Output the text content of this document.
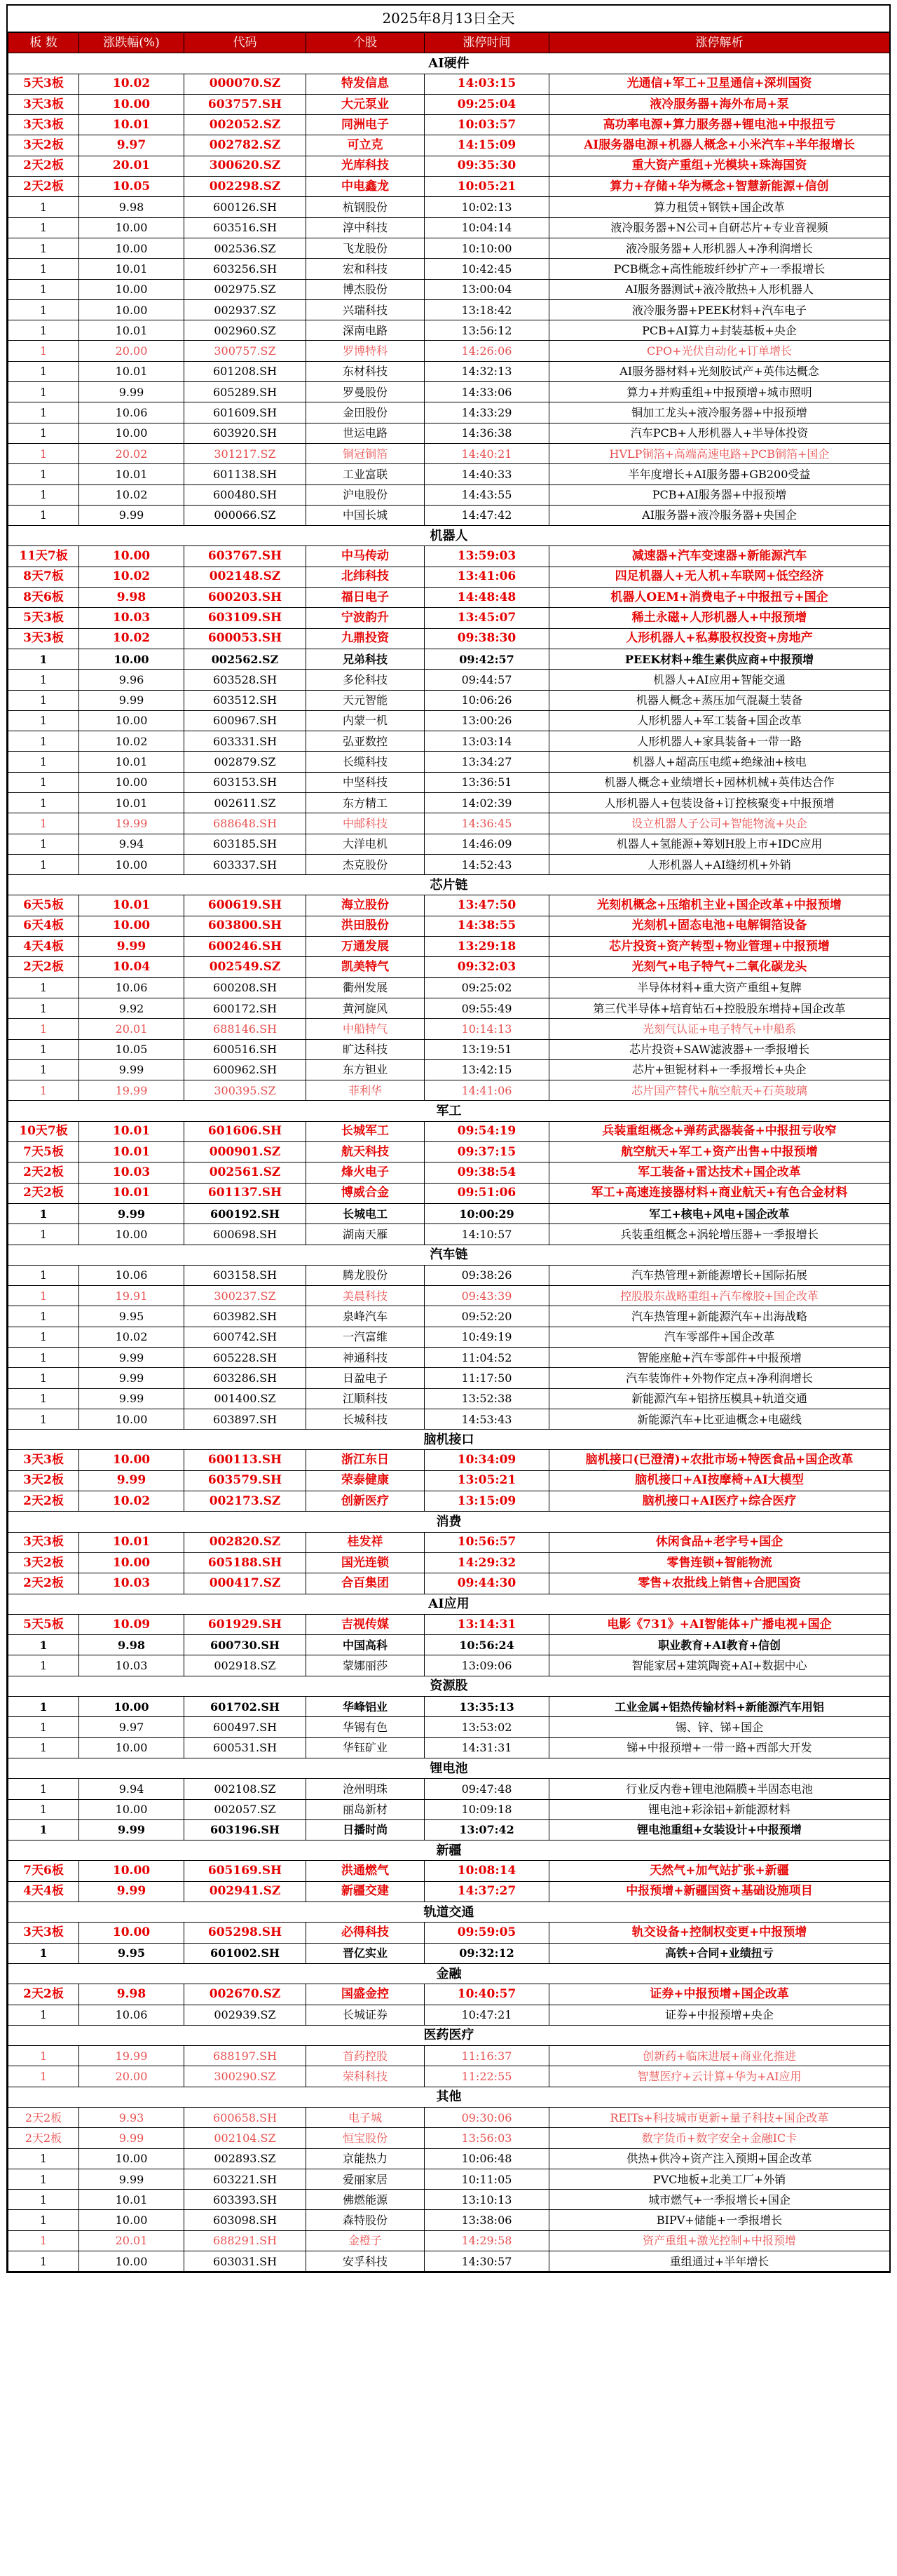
2025年8月13日全天
板 数	涨跌幅(%)	代码	个股	涨停时间	涨停解析
AI硬件					
5天3板	10.02	000070.SZ	特发信息	14:03:15	光通信+军工+卫星通信+深圳国资
3天3板	10.00	603757.SH	大元泵业	09:25:04	液冷服务器+海外布局+泵
3天3板	10.01	002052.SZ	同洲电子	10:03:57	高功率电源+算力服务器+锂电池+中报扭亏
3天2板	9.97	002782.SZ	可立克	14:15:09	AI服务器电源+机器人概念+小米汽车+半年报增长
2天2板	20.01	300620.SZ	光库科技	09:35:30	重大资产重组+光模块+珠海国资
2天2板	10.05	002298.SZ	中电鑫龙	10:05:21	算力+存储+华为概念+智慧新能源+信创
1	9.98	600126.SH	杭钢股份	10:02:13	算力租赁+钢铁+国企改革
1	10.00	603516.SH	淳中科技	10:04:14	液冷服务器+N公司+自研芯片+专业音视频
1	10.00	002536.SZ	飞龙股份	10:10:00	液冷服务器+人形机器人+净利润增长
1	10.01	603256.SH	宏和科技	10:42:45	PCB概念+高性能玻纤纱扩产+一季报增长
1	10.00	002975.SZ	博杰股份	13:00:04	AI服务器测试+液冷散热+人形机器人
1	10.00	002937.SZ	兴瑞科技	13:18:42	液冷服务器+PEEK材料+汽车电子
1	10.01	002960.SZ	深南电路	13:56:12	PCB+AI算力+封装基板+央企
1	20.00	300757.SZ	罗博特科	14:26:06	CPO+光伏自动化+订单增长
1	10.01	601208.SH	东材科技	14:32:13	AI服务器材料+光刻胶试产+英伟达概念
1	9.99	605289.SH	罗曼股份	14:33:06	算力+并购重组+中报预增+城市照明
1	10.06	601609.SH	金田股份	14:33:29	铜加工龙头+液冷服务器+中报预增
1	10.00	603920.SH	世运电路	14:36:38	汽车PCB+人形机器人+半导体投资
1	20.02	301217.SZ	铜冠铜箔	14:40:21	HVLP铜箔+高端高速电路+PCB铜箔+国企
1	10.01	601138.SH	工业富联	14:40:33	半年度增长+AI服务器+GB200受益
1	10.02	600480.SH	沪电股份	14:43:55	PCB+AI服务器+中报预增
1	9.99	000066.SZ	中国长城	14:47:42	AI服务器+液冷服务器+央国企
机器人					
11天7板	10.00	603767.SH	中马传动	13:59:03	减速器+汽车变速器+新能源汽车
8天7板	10.02	002148.SZ	北纬科技	13:41:06	四足机器人+无人机+车联网+低空经济
8天6板	9.98	600203.SH	福日电子	14:48:48	机器人OEM+消费电子+中报扭亏+国企
5天3板	10.03	603109.SH	宁波韵升	13:45:07	稀土永磁+人形机器人+中报预增
3天3板	10.02	600053.SH	九鼎投资	09:38:30	人形机器人+私募股权投资+房地产
1	10.00	002562.SZ	兄弟科技	09:42:57	PEEK材料+维生素供应商+中报预增
1	9.96	603528.SH	多伦科技	09:44:57	机器人+AI应用+智能交通
1	9.99	603512.SH	天元智能	10:06:26	机器人概念+蒸压加气混凝土装备
1	10.00	600967.SH	内蒙一机	13:00:26	人形机器人+军工装备+国企改革
1	10.02	603331.SH	弘亚数控	13:03:14	人形机器人+家具装备+一带一路
1	10.01	002879.SZ	长缆科技	13:34:27	机器人+超高压电缆+绝缘油+核电
1	10.00	603153.SH	中坚科技	13:36:51	机器人概念+业绩增长+园林机械+英伟达合作
1	10.01	002611.SZ	东方精工	14:02:39	人形机器人+包装设备+订控核聚变+中报预增
1	19.99	688648.SH	中邮科技	14:36:45	设立机器人子公司+智能物流+央企
1	9.94	603185.SH	大洋电机	14:46:09	机器人+氢能源+筹划H股上市+IDC应用
1	10.00	603337.SH	杰克股份	14:52:43	人形机器人+AI缝纫机+外销
芯片链					
6天5板	10.01	600619.SH	海立股份	13:47:50	光刻机概念+压缩机主业+国企改革+中报预增
6天4板	10.00	603800.SH	洪田股份	14:38:55	光刻机+固态电池+电解铜箔设备
4天4板	9.99	600246.SH	万通发展	13:29:18	芯片投资+资产转型+物业管理+中报预增
2天2板	10.04	002549.SZ	凯美特气	09:32:03	光刻气+电子特气+二氧化碳龙头
1	10.06	600208.SH	衢州发展	09:25:02	半导体材料+重大资产重组+复牌
1	9.92	600172.SH	黄河旋风	09:55:49	第三代半导体+培育钻石+控股股东增持+国企改革
1	20.01	688146.SH	中船特气	10:14:13	光刻气认证+电子特气+中船系
1	10.05	600516.SH	旷达科技	13:19:51	芯片投资+SAW滤波器+一季报增长
1	9.99	600962.SH	东方钽业	13:42:15	芯片+钽铌材料+一季报增长+央企
1	19.99	300395.SZ	菲利华	14:41:06	芯片国产替代+航空航天+石英玻璃
军工					
10天7板	10.01	601606.SH	长城军工	09:54:19	兵装重组概念+弹药武器装备+中报扭亏收窄
7天5板	10.01	000901.SZ	航天科技	09:37:15	航空航天+军工+资产出售+中报预增
2天2板	10.03	002561.SZ	烽火电子	09:38:54	军工装备+雷达技术+国企改革
2天2板	10.01	601137.SH	博威合金	09:51:06	军工+高速连接器材料+商业航天+有色合金材料
1	9.99	600192.SH	长城电工	10:00:29	军工+核电+风电+国企改革
1	10.00	600698.SH	湖南天雁	14:10:57	兵装重组概念+涡轮增压器+一季报增长
汽车链					
1	10.06	603158.SH	腾龙股份	09:38:26	汽车热管理+新能源增长+国际拓展
1	19.91	300237.SZ	美晨科技	09:43:39	控股股东战略重组+汽车橡胶+国企改革
1	9.95	603982.SH	泉峰汽车	09:52:20	汽车热管理+新能源汽车+出海战略
1	10.02	600742.SH	一汽富维	10:49:19	汽车零部件+国企改革
1	9.99	605228.SH	神通科技	11:04:52	智能座舱+汽车零部件+中报预增
1	9.99	603286.SH	日盈电子	11:17:50	汽车装饰件+外物作定点+净利润增长
1	9.99	001400.SZ	江顺科技	13:52:38	新能源汽车+铝挤压模具+轨道交通
1	10.00	603897.SH	长城科技	14:53:43	新能源汽车+比亚迪概念+电磁线
脑机接口					
3天3板	10.00	600113.SH	浙江东日	10:34:09	脑机接口(已澄清)+农批市场+特医食品+国企改革
3天2板	9.99	603579.SH	荣泰健康	13:05:21	脑机接口+AI按摩椅+AI大模型
2天2板	10.02	002173.SZ	创新医疗	13:15:09	脑机接口+AI医疗+综合医疗
消费					
3天3板	10.01	002820.SZ	桂发祥	10:56:57	休闲食品+老字号+国企
3天2板	10.00	605188.SH	国光连锁	14:29:32	零售连锁+智能物流
2天2板	10.03	000417.SZ	合百集团	09:44:30	零售+农批线上销售+合肥国资
AI应用					
5天5板	10.09	601929.SH	吉视传媒	13:14:31	电影《731》+AI智能体+广播电视+国企
1	9.98	600730.SH	中国高科	10:56:24	职业教育+AI教育+信创
1	10.03	002918.SZ	蒙娜丽莎	13:09:06	智能家居+建筑陶瓷+AI+数据中心
资源股					
1	10.00	601702.SH	华峰铝业	13:35:13	工业金属+铝热传输材料+新能源汽车用铝
1	9.97	600497.SH	华锡有色	13:53:02	锡、锌、锑+国企
1	10.00	600531.SH	华钰矿业	14:31:31	锑+中报预增+一带一路+西部大开发
锂电池					
1	9.94	002108.SZ	沧州明珠	09:47:48	行业反内卷+锂电池隔膜+半固态电池
1	10.00	002057.SZ	丽岛新材	10:09:18	锂电池+彩涂铝+新能源材料
1	9.99	603196.SH	日播时尚	13:07:42	锂电池重组+女装设计+中报预增
新疆					
7天6板	10.00	605169.SH	洪通燃气	10:08:14	天然气+加气站扩张+新疆
4天4板	9.99	002941.SZ	新疆交建	14:37:27	中报预增+新疆国资+基础设施项目
轨道交通					
3天3板	10.00	605298.SH	必得科技	09:59:05	轨交设备+控制权变更+中报预增
1	9.95	601002.SH	晋亿实业	09:32:12	高铁+合同+业绩扭亏
金融					
2天2板	9.98	002670.SZ	国盛金控	10:40:57	证券+中报预增+国企改革
1	10.06	002939.SZ	长城证券	10:47:21	证券+中报预增+央企
医药医疗					
1	19.99	688197.SH	首药控股	11:16:37	创新药+临床进展+商业化推进
1	20.00	300290.SZ	荣科科技	11:22:55	智慧医疗+云计算+华为+AI应用
其他					
2天2板	9.93	600658.SH	电子城	09:30:06	REITs+科技城市更新+量子科技+国企改革
2天2板	9.99	002104.SZ	恒宝股份	13:56:03	数字货币+数字安全+金融IC卡
1	10.00	002893.SZ	京能热力	10:06:48	供热+供冷+资产注入预期+国企改革
1	9.99	603221.SH	爱丽家居	10:11:05	PVC地板+北美工厂+外销
1	10.01	603393.SH	佛燃能源	13:10:13	城市燃气+一季报增长+国企
1	10.00	603098.SH	森特股份	13:38:06	BIPV+储能+一季报增长
1	20.01	688291.SH	金橙子	14:29:58	资产重组+激光控制+中报预增
1	10.00	603031.SH	安孚科技	14:30:57	重组通过+半年增长
